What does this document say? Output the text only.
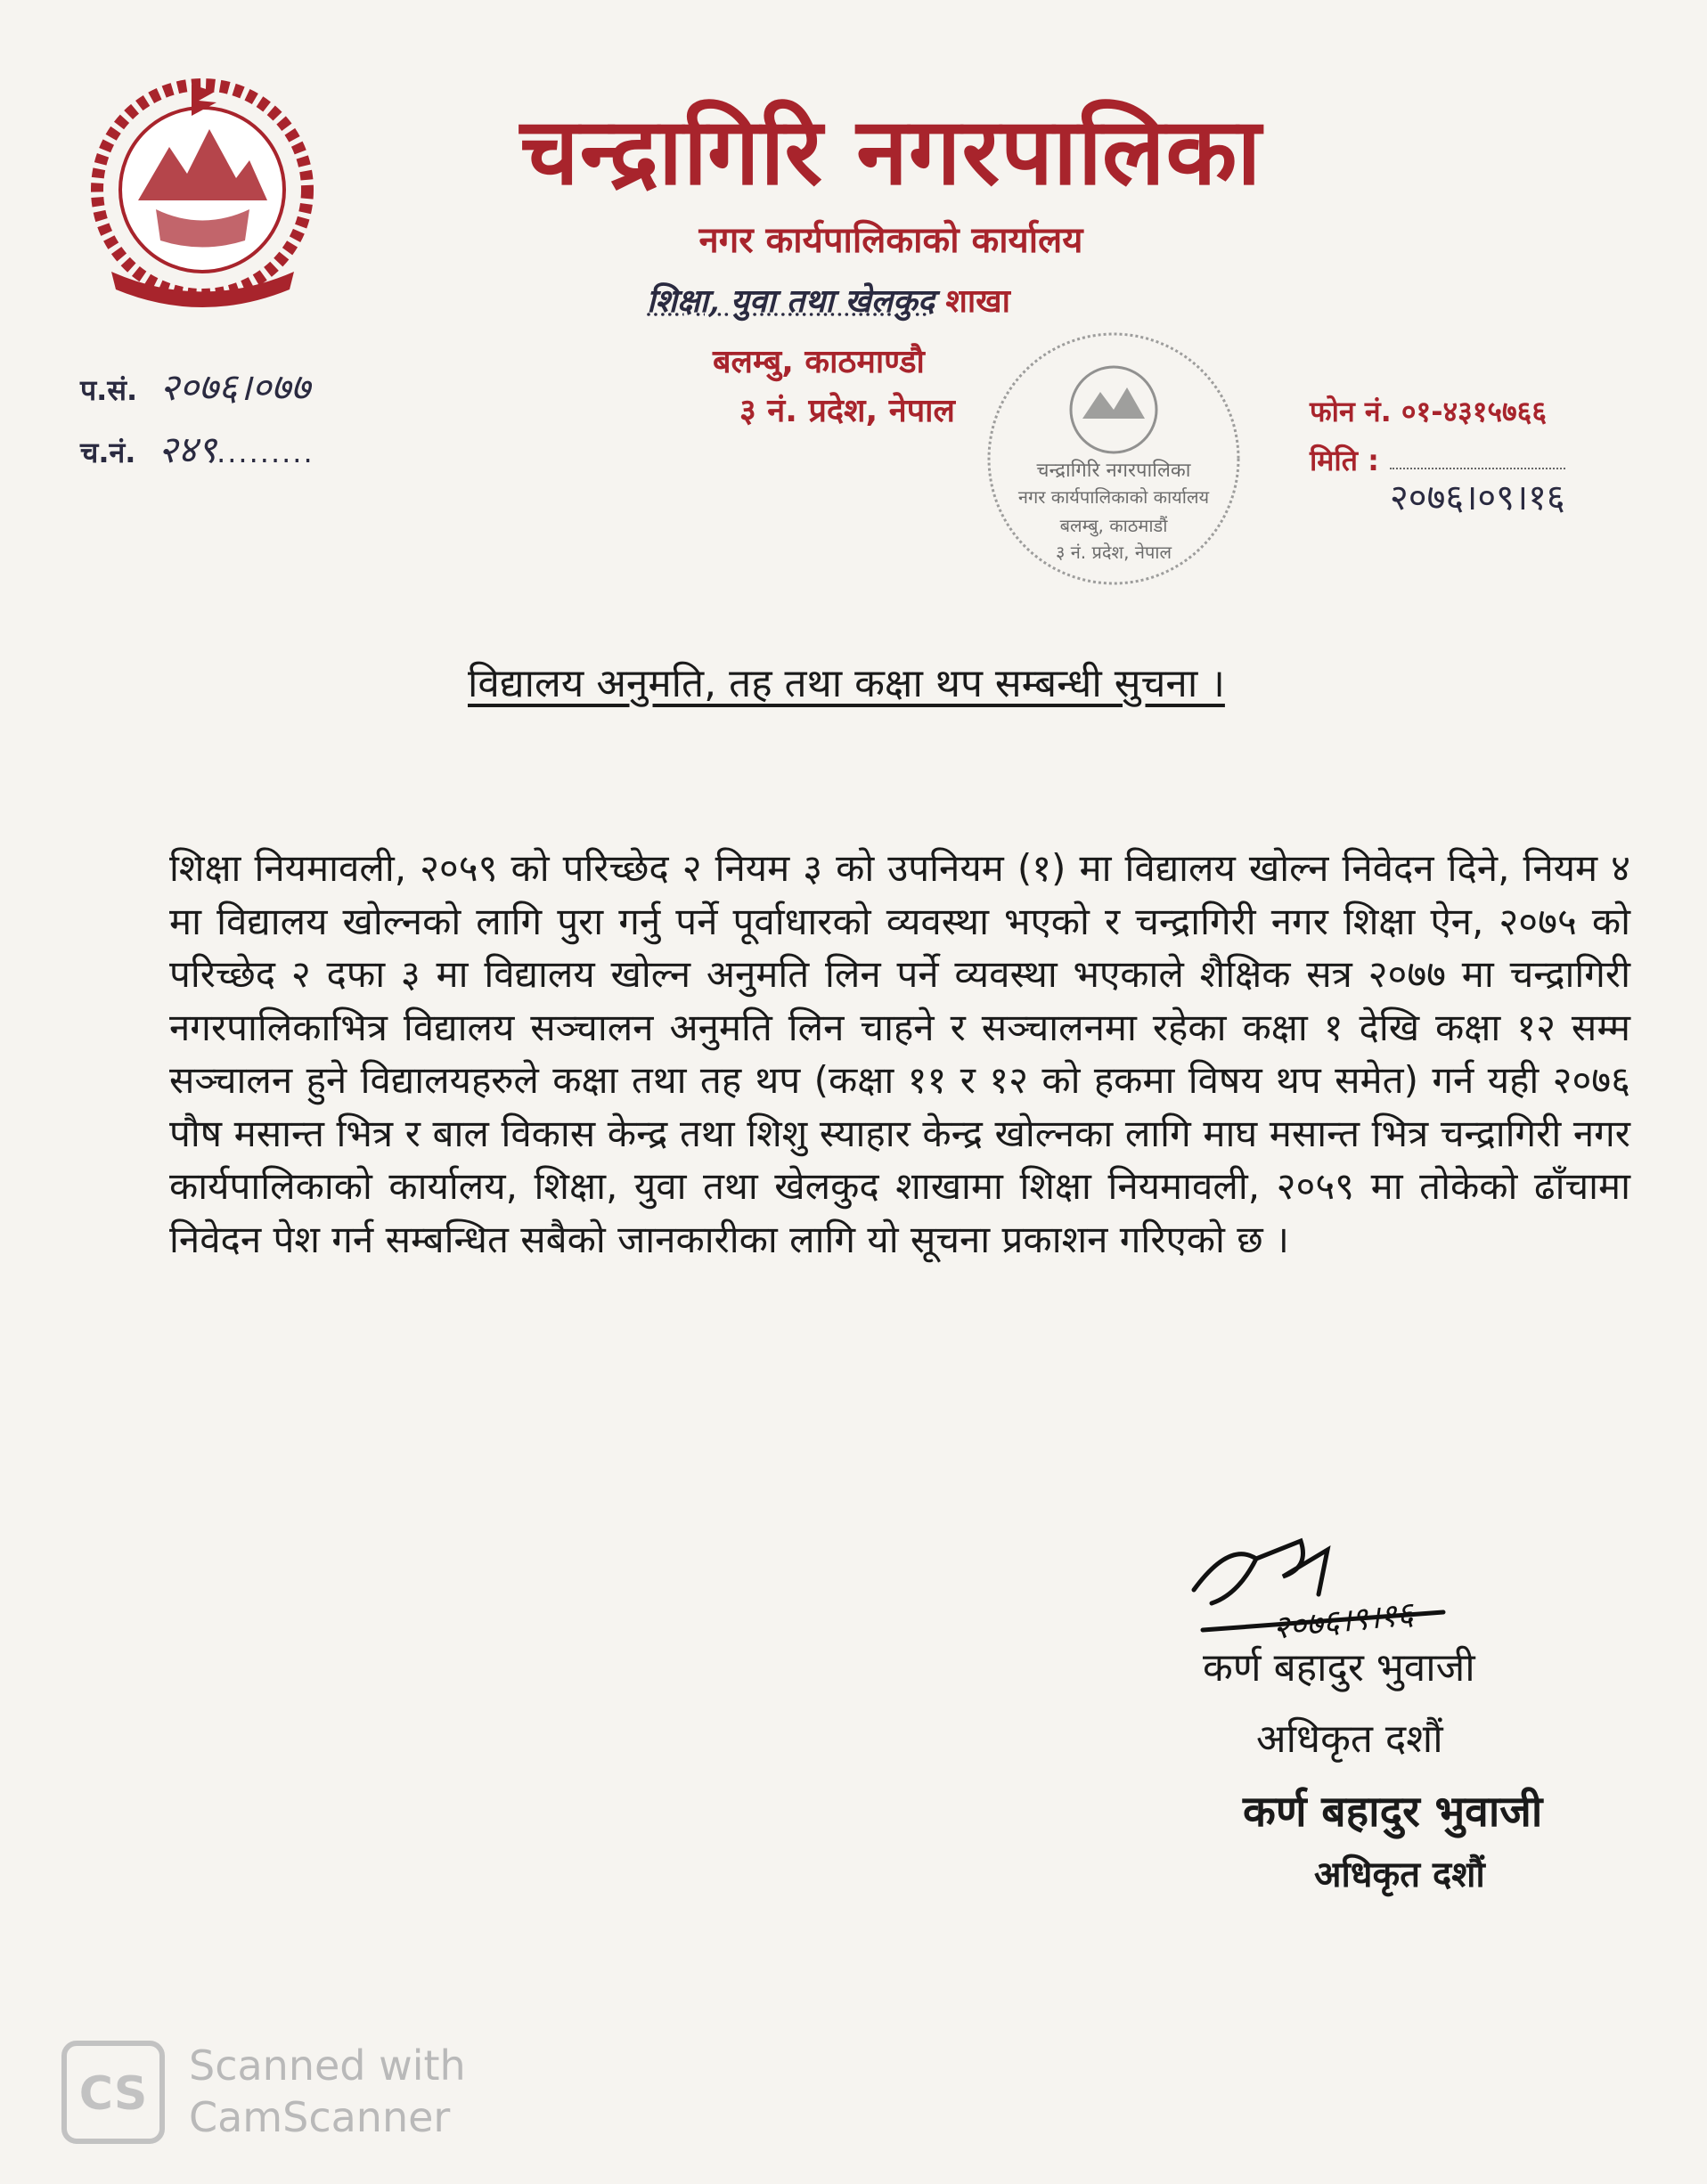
चन्द्रागिरि नगरपालिका
नगर कार्यपालिकाको कार्यालय
शिक्षा, युवा तथा खेलकुद शाखा
बलम्बु, काठमाण्डौ
३ नं. प्रदेश, नेपाल
प.सं. २०७६।०७७
च.नं. २४९.........
फोन नं. ०१-४३१५७६६
मिति :
२०७६।०९।१६
चन्द्रागिरि नगरपालिका
नगर कार्यपालिकाको कार्यालय
बलम्बु, काठमाडौं
३ नं. प्रदेश, नेपाल
विद्यालय अनुमति, तह तथा कक्षा थप सम्बन्धी सुचना ।
शिक्षा नियमावली, २०५९ को परिच्छेद २ नियम ३ को उपनियम (१) मा विद्यालय खोल्न निवेदन दिने, नियम ४ मा विद्यालय खोल्नको लागि पुरा गर्नु पर्ने पूर्वाधारको व्यवस्था भएको र चन्द्रागिरी नगर शिक्षा ऐन, २०७५ को परिच्छेद २ दफा ३ मा विद्यालय खोल्न अनुमति लिन पर्ने व्यवस्था भएकाले शैक्षिक सत्र २०७७ मा चन्द्रागिरी नगरपालिकाभित्र विद्यालय सञ्चालन अनुमति लिन चाहने र सञ्चालनमा रहेका कक्षा १ देखि कक्षा १२ सम्म सञ्चालन हुने विद्यालयहरुले कक्षा तथा तह थप (कक्षा ११ र १२ को हकमा विषय थप समेत) गर्न यही २०७६ पौष मसान्त भित्र र बाल विकास केन्द्र तथा शिशु स्याहार केन्द्र खोल्नका लागि माघ मसान्त भित्र चन्द्रागिरी नगर कार्यपालिकाको कार्यालय, शिक्षा, युवा तथा खेलकुद शाखामा शिक्षा नियमावली, २०५९ मा तोकेको ढाँचामा निवेदन पेश गर्न सम्बन्धित सबैको जानकारीका लागि यो सूचना प्रकाशन गरिएको छ ।
२०७६।९।१६
कर्ण बहादुर भुवाजी
अधिकृत दशौं
कर्ण बहादुर भुवाजी
अधिकृत दशौं
CS
Scanned with
CamScanner
